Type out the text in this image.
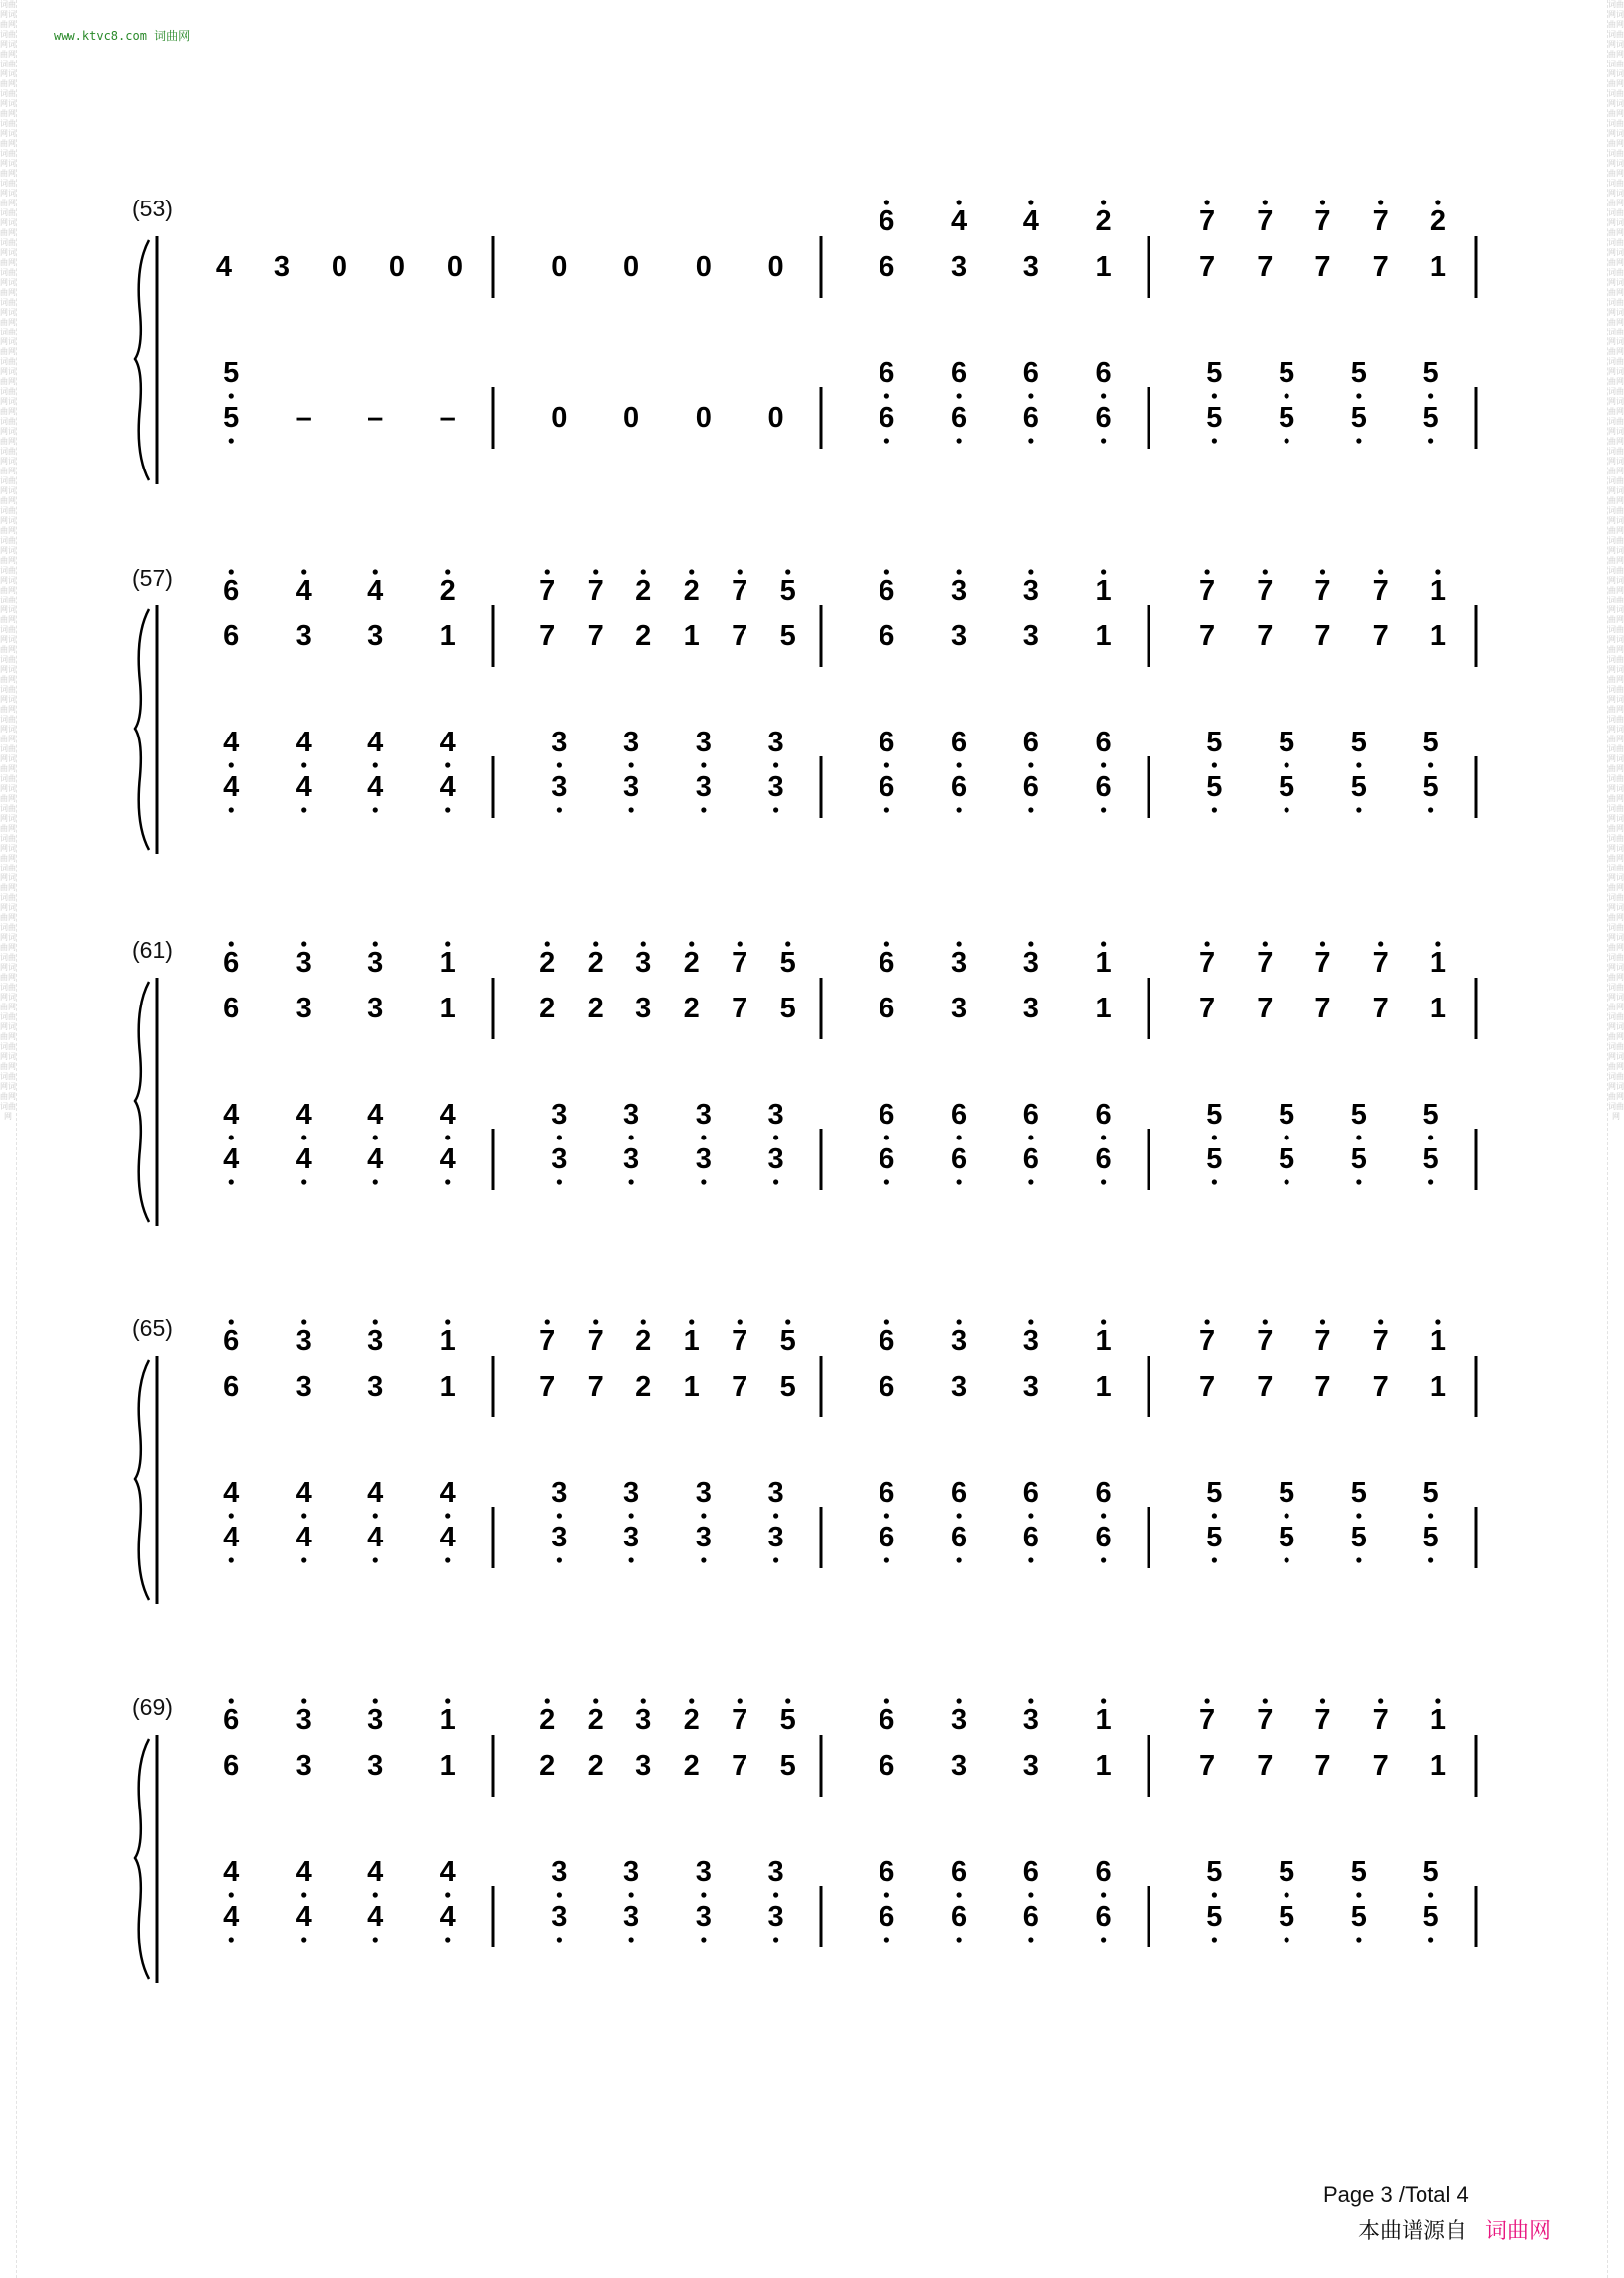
词曲网词曲网词曲网词曲网词曲网词曲网词曲网词曲网词曲网词曲网词曲网词曲网词曲网词曲网词曲网词曲网词曲网词曲网词曲网词曲网词曲网词曲网词曲网词曲网词曲网词曲网词曲网词曲网词曲网词曲网词曲网词曲网词曲网词曲网词曲网词曲网词曲网词曲网词曲网词曲网词曲网词曲网词曲网词曲网词曲网词曲网词曲网词曲网词曲网词曲网词曲网词曲网词曲网词曲网词曲网词曲网词曲网词曲网词曲网词曲网词曲网词曲网词曲网词曲网词曲网词曲网词曲网词曲网词曲网词曲网词曲网词曲网词曲网词曲网词曲网
词曲网词曲网词曲网词曲网词曲网词曲网词曲网词曲网词曲网词曲网词曲网词曲网词曲网词曲网词曲网词曲网词曲网词曲网词曲网词曲网词曲网词曲网词曲网词曲网词曲网词曲网词曲网词曲网词曲网词曲网词曲网词曲网词曲网词曲网词曲网词曲网词曲网词曲网词曲网词曲网词曲网词曲网词曲网词曲网词曲网词曲网词曲网词曲网词曲网词曲网词曲网词曲网词曲网词曲网词曲网词曲网词曲网词曲网词曲网词曲网词曲网词曲网词曲网词曲网词曲网词曲网词曲网词曲网词曲网词曲网词曲网词曲网词曲网词曲网词曲网
www.ktvc8.com 词曲网
(53)
4 3 0 0 0
5
5 – – –
0 0 0 0
0 0 0 0
6 4 4 2
6 3 3 1
6 6 6 6
6 6 6 6
7 7 7 7 2
7 7 7 7 1
5 5 5 5
5 5 5 5
(57) 6 4 4 2
6 3 3 1
4 4 4 4
4 4 4 4
7 7 2 2 7 5
7 7 2 1 7 5
3 3 3 3
3 3 3 3
6 3 3 1
6 3 3 1
6 6 6 6
6 6 6 6
7 7 7 7 1
7 7 7 7 1
5 5 5 5
5 5 5 5
(61) 6 3 3 1
6 3 3 1
4 4 4 4
4 4 4 4
2 2 3 2 7 5
2 2 3 2 7 5
3 3 3 3
3 3 3 3
6 3 3 1
6 3 3 1
6 6 6 6
6 6 6 6
7 7 7 7 1
7 7 7 7 1
5 5 5 5
5 5 5 5
(65) 6 3 3 1
6 3 3 1
4 4 4 4
4 4 4 4
7 7 2 1 7 5
7 7 2 1 7 5
3 3 3 3
3 3 3 3
6 3 3 1
6 3 3 1
6 6 6 6
6 6 6 6
7 7 7 7 1
7 7 7 7 1
5 5 5 5
5 5 5 5
(69) 6 3 3 1
6 3 3 1
4 4 4 4
4 4 4 4
2 2 3 2 7 5
2 2 3 2 7 5
3 3 3 3
3 3 3 3
6 3 3 1
6 3 3 1
6 6 6 6
6 6 6 6
7 7 7 7 1
7 7 7 7 1
5 5 5 5
5 5 5 5
Page 3 /Total 4
本曲谱源自 词曲网
